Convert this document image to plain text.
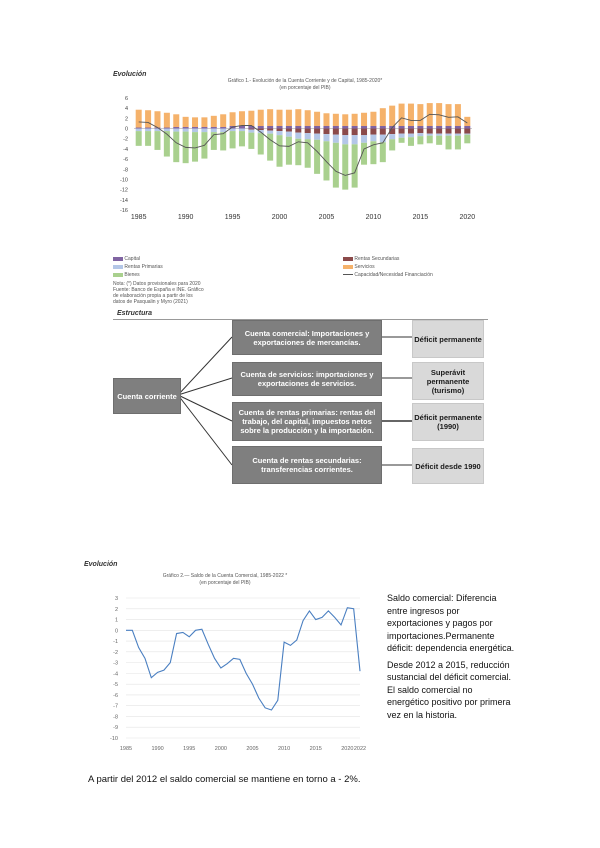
Evolución
Gráfico 1.- Evolución de la Cuenta Corriente y de Capital, 1985-2020*
(en porcentaje del PIB)
6
4
2
0
-2
-4
-6
-8
-10
-12
-14
-16
1985	1990	1995	2000	2005	2010	2015	2020
Capital
Rentas Primarias
Bienes
Rentas Secundarias
Servicios
Capacidad/Necesidad Financiación
Nota: (*) Datos provisionales para 2020
Fuente: Banco de España e INE. Gráfico
de elaboración propia a partir de los
datos de Pasqualin y Myro (2021)
Estructura
Cuenta corriente
Cuenta comercial: Importaciones y exportaciones de mercancías.
Cuenta de servicios: importaciones y exportaciones de servicios.
Cuenta de rentas primarias: rentas del trabajo, del capital, impuestos netos sobre la producción y la importación.
Cuenta de rentas secundarias: transferencias corrientes.
Déficit permanente
Superávit permanente (turismo)
Déficit permanente (1990)
Déficit desde 1990
Evolución
Gráfico 2.— Saldo de la Cuenta Comercial, 1985-2022 *
(en porcentaje del PIB)
3
2
1
0
-1
-2
-3
-4
-5
-6
-7
-8
-9
-10
1985	1990	1995	2000	2005	2010	2015	2020 2022

Saldo comercial: Diferencia entre ingresos por exportaciones y pagos por importaciones.Permanente déficit: dependencia energética.

Desde 2012 a 2015, reducción sustancial del déficit comercial. El saldo comercial no energético positivo por primera vez en la historia.

A partir del 2012 el saldo comercial se mantiene en torno a - 2%.
